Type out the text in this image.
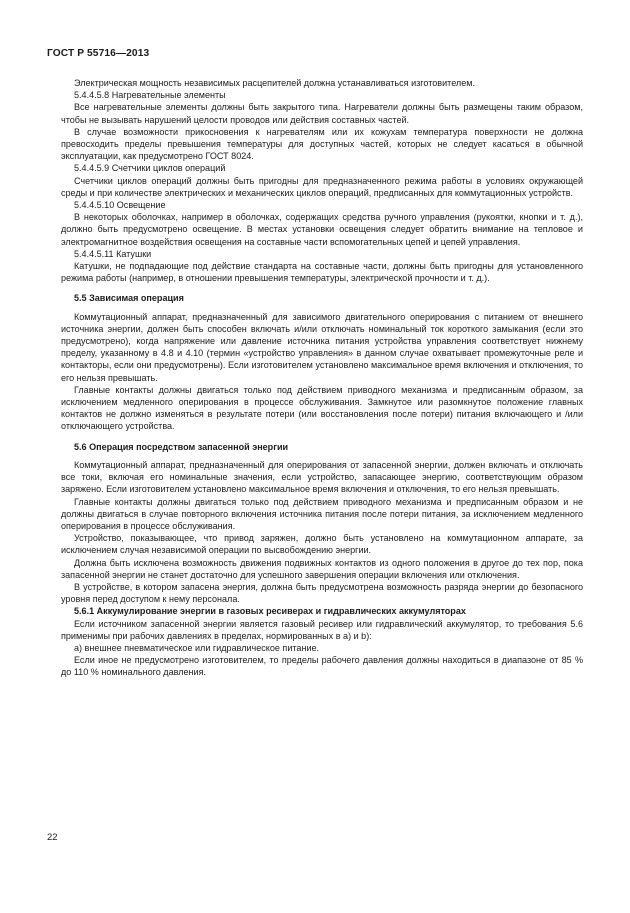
ГОСТ Р 55716—2013

Электрическая мощность независимых расцепителей должна устанавливаться изготовителем.

5.4.4.5.8 Нагревательные элементы

Все нагревательные элементы должны быть закрытого типа. Нагреватели должны быть размещены таким образом, чтобы не вызывать нарушений целости проводов или действия составных частей.

В случае возможности прикосновения к нагревателям или их кожухам температура поверхности не должна превосходить пределы превышения температуры для доступных частей, которых не следует касаться в обычной эксплуатации, как предусмотрено ГОСТ 8024.

5.4.4.5.9 Счетчики циклов операций

Счетчики циклов операций должны быть пригодны для предназначенного режима работы в условиях окружающей среды и при количестве электрических и механических циклов операций, предписанных для коммутационных устройств.

5.4.4.5.10 Освещение

В некоторых оболочках, например в оболочках, содержащих средства ручного управления (рукоятки, кнопки и т. д.), должно быть предусмотрено освещение. В местах установки освещения следует обратить внимание на тепловое и электромагнитное воздействия освещения на составные части вспомогательных цепей и цепей управления.

5.4.4.5.11 Катушки

Катушки, не подпадающие под действие стандарта на составные части, должны быть пригодны для установленного режима работы (например, в отношении превышения температуры, электрической прочности и т. д.).

5.5 Зависимая операция

Коммутационный аппарат, предназначенный для зависимого двигательного оперирования с питанием от внешнего источника энергии, должен быть способен включать и/или отключать номинальный ток короткого замыкания (если это предусмотрено), когда напряжение или давление источника питания устройства управления соответствует нижнему пределу, указанному в 4.8 и 4.10 (термин «устройство управления» в данном случае охватывает промежуточные реле и контакторы, если они предусмотрены). Если изготовителем установлено максимальное время включения и отключения, то его нельзя превышать.

Главные контакты должны двигаться только под действием приводного механизма и предписанным образом, за исключением медленного оперирования в процессе обслуживания. Замкнутое или разомкнутое положение главных контактов не должно изменяться в результате потери (или восстановления после потери) питания включающего и /или отключающего устройства.

5.6 Операция посредством запасенной энергии

Коммутационный аппарат, предназначенный для оперирования от запасенной энергии, должен включать и отключать все токи, включая его номинальные значения, если устройство, запасающее энергию, соответствующим образом заряжено. Если изготовителем установлено максимальное время включения и отключения, то его нельзя превышать.

Главные контакты должны двигаться только под действием приводного механизма и предписанным образом и не должны двигаться в случае повторного включения источника питания после потери питания, за исключением медленного оперирования в процессе обслуживания.

Устройство, показывающее, что привод заряжен, должно быть установлено на коммутационном аппарате, за исключением случая независимой операции по высвобождению энергии.

Должна быть исключена возможность движения подвижных контактов из одного положения в другое до тех пор, пока запасенной энергии не станет достаточно для успешного завершения операции включения или отключения.

В устройстве, в котором запасена энергия, должна быть предусмотрена возможность разряда энергии до безопасного уровня перед доступом к нему персонала.

5.6.1 Аккумулирование энергии в газовых ресиверах и гидравлических аккумуляторах

Если источником запасенной энергии является газовый ресивер или гидравлический аккумулятор, то требования 5.6 применимы при рабочих давлениях в пределах, нормированных в а) и b):

а) внешнее пневматическое или гидравлическое питание.

Если иное не предусмотрено изготовителем, то пределы рабочего давления должны находиться в диапазоне от 85 % до 110 % номинального давления.

22
